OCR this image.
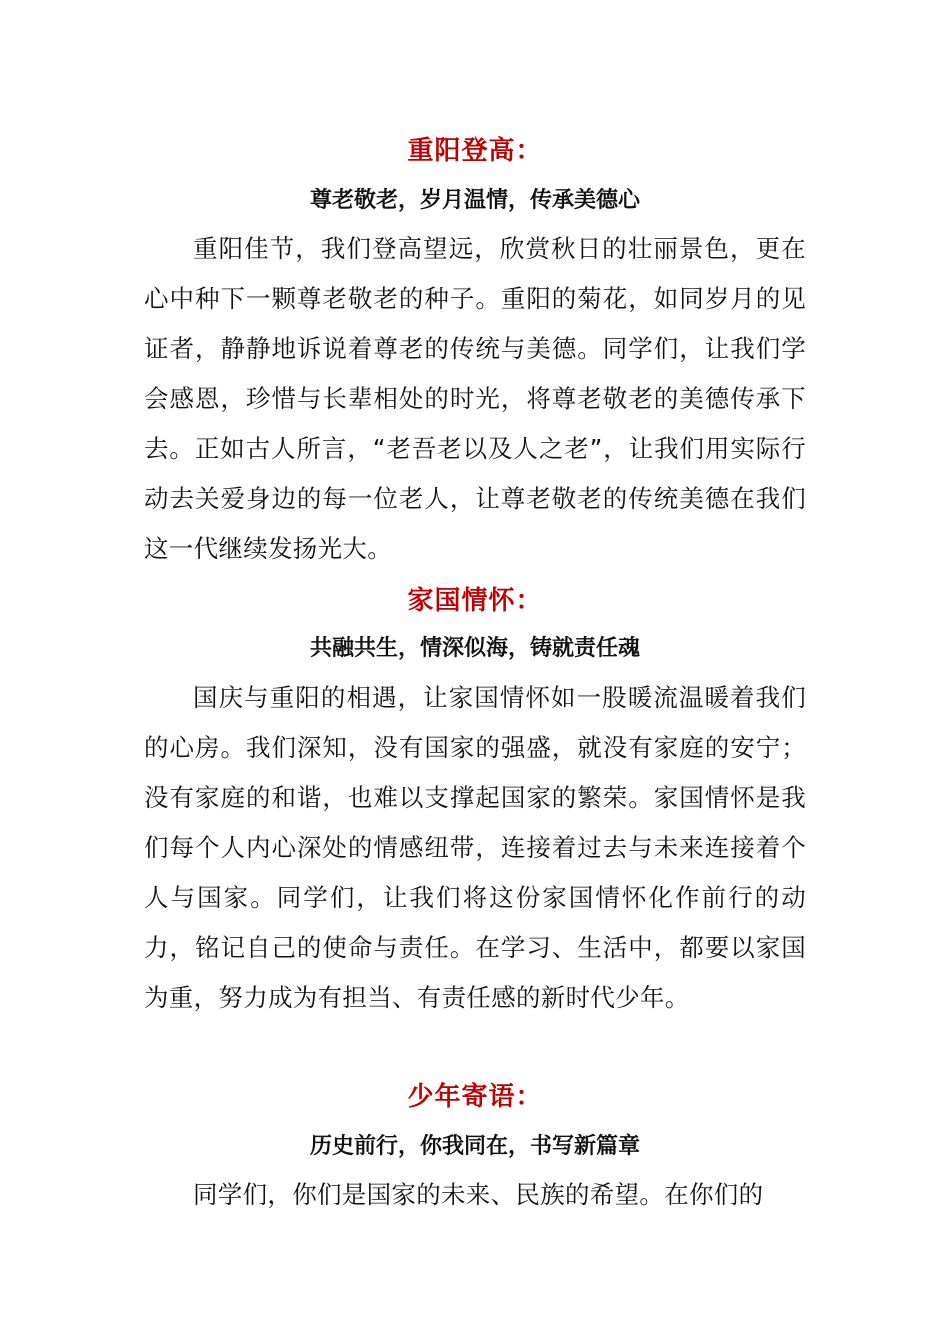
重阳登高：
尊老敬老，岁月温情，传承美德心

重阳佳节，我们登高望远，欣赏秋日的壮丽景色，更在心中种下一颗尊老敬老的种子。重阳的菊花，如同岁月的见证者，静静地诉说着尊老的传统与美德。同学们，让我们学会感恩，珍惜与长辈相处的时光，将尊老敬老的美德传承下去。正如古人所言，“老吾老以及人之老”，让我们用实际行动去关爱身边的每一位老人，让尊老敬老的传统美德在我们这一代继续发扬光大。

家国情怀：
共融共生，情深似海，铸就责任魂

国庆与重阳的相遇，让家国情怀如一股暖流温暖着我们的心房。我们深知，没有国家的强盛，就没有家庭的安宁；没有家庭的和谐，也难以支撑起国家的繁荣。家国情怀是我们每个人内心深处的情感纽带，连接着过去与未来连接着个人与国家。同学们，让我们将这份家国情怀化作前行的动力，铭记自己的使命与责任。在学习、生活中，都要以家国为重，努力成为有担当、有责任感的新时代少年。

少年寄语：
历史前行，你我同在，书写新篇章

同学们，你们是国家的未来、民族的希望。在你们的
